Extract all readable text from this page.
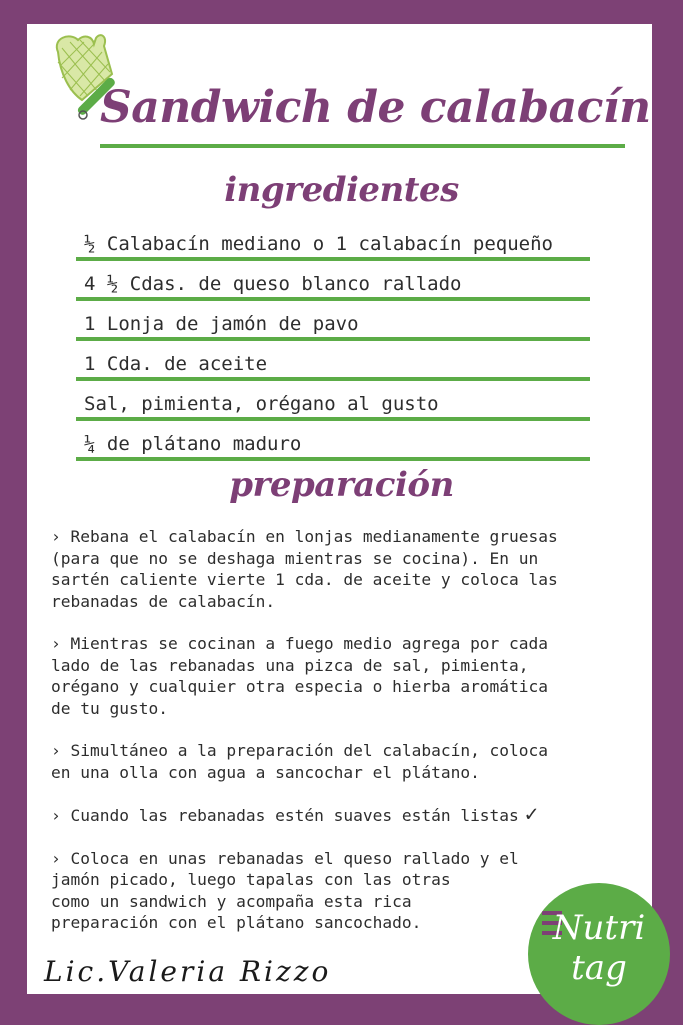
Sandwich de calabacín
ingredientes
½ Calabacín mediano o 1 calabacín pequeño
4 ½ Cdas. de queso blanco rallado
1 Lonja de jamón de pavo
1 Cda. de aceite
Sal, pimienta, orégano al gusto
¼ de plátano maduro
preparación

› Rebana el calabacín en lonjas medianamente gruesas
(para que no se deshaga mientras se cocina). En un
sartén caliente vierte 1 cda. de aceite y coloca las
rebanadas de calabacín.

› Mientras se cocinan a fuego medio agrega por cada
lado de las rebanadas una pizca de sal, pimienta,
orégano y cualquier otra especia o hierba aromática
de tu gusto.

› Simultáneo a la preparación del calabacín, coloca
en una olla con agua a sancochar el plátano.

› Cuando las rebanadas estén suaves están listas ✓

› Coloca en unas rebanadas el queso rallado y el
jamón picado, luego tapalas con las otras
como un sandwich y acompaña esta rica
preparación con el plátano sancochado.

Lic.Valeria Rizzo
Nutri
tag
